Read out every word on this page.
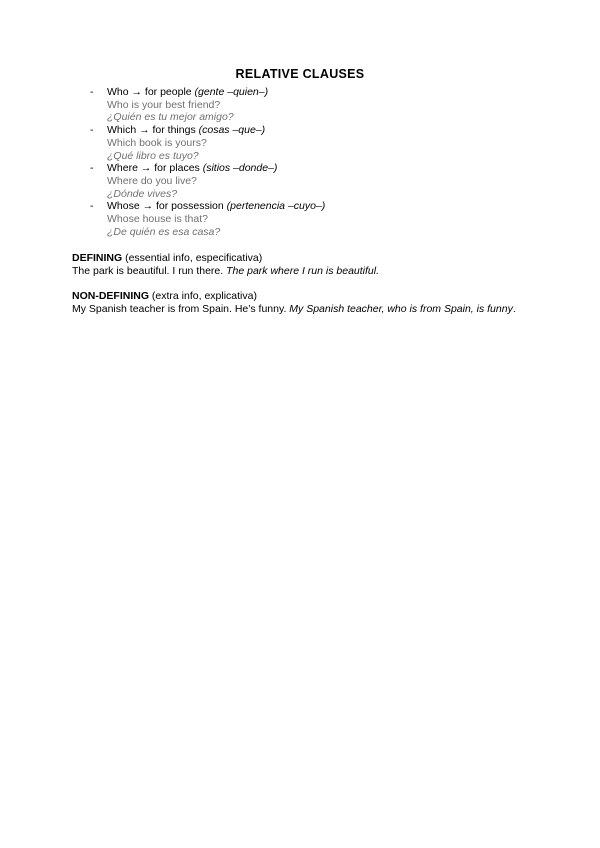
RELATIVE CLAUSES
- Who → for people (gente –quien–)
Who is your best friend?
¿Quién es tu mejor amigo?
- Which → for things (cosas –que–)
Which book is yours?
¿Qué libro es tuyo?
- Where → for places (sitios –donde–)
Where do you live?
¿Dónde vives?
- Whose → for possession (pertenencia –cuyo–)
Whose house is that?
¿De quién es esa casa?
DEFINING (essential info, especificativa)
The park is beautiful. I run there. The park where I run is beautiful.
NON-DEFINING (extra info, explicativa)
My Spanish teacher is from Spain. He’s funny. My Spanish teacher, who is from Spain, is funny.
